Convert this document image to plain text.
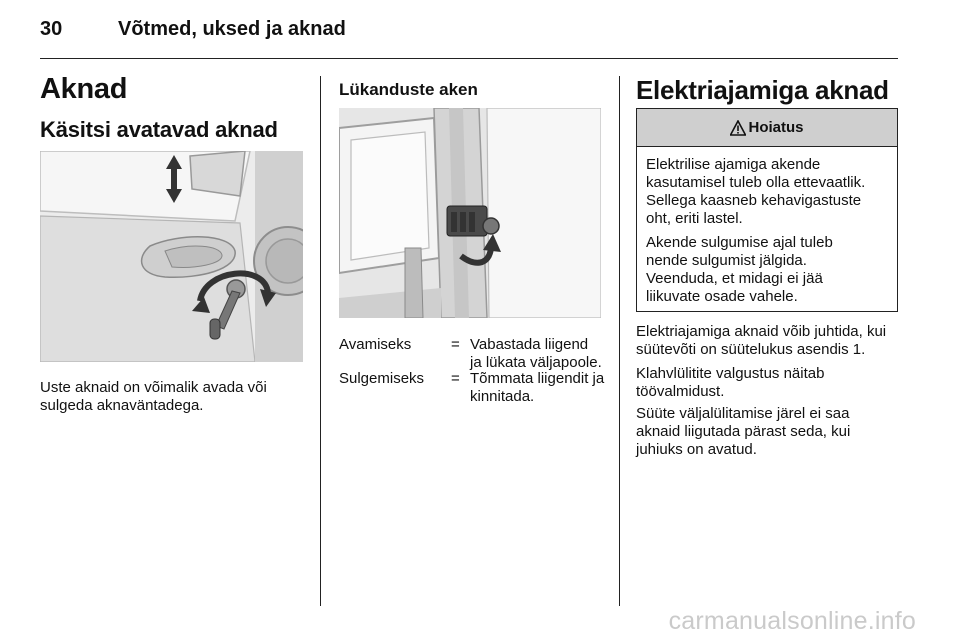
30	Võtmed, uksed ja aknad
Aknad
Käsitsi avatavad aknad
Uste aknaid on võimalik avada või
sulgeda aknaväntadega.
Lükanduste aken
Avamiseks	= Vabastada liigend
ja lükata väljapoole.
Sulgemiseks = Tõmmata liigendit ja
kinnitada.
Elektriajamiga aknad
Hoiatus
Elektrilise ajamiga akende
kasutamisel tuleb olla ettevaatlik.
Sellega kaasneb kehavigastuste
oht, eriti lastel.
Akende sulgumise ajal tuleb
nende sulgumist jälgida.
Veenduda, et midagi ei jää
liikuvate osade vahele.
Elektriajamiga aknaid võib juhtida, kui
süütevõti on süütelukus asendis 1.
Klahvlülitite valgustus näitab
töövalmidust.
Süüte väljalülitamise järel ei saa
aknaid liigutada pärast seda, kui
juhiuks on avatud.
carmanualsonline.info
